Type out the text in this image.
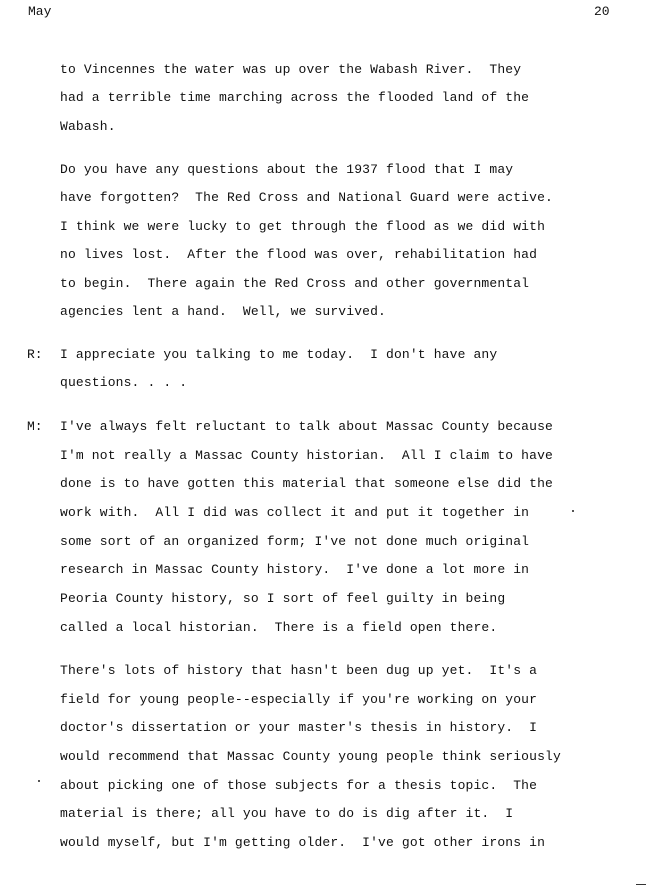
May	20
to Vincennes the water was up over the Wabash River.  They
had a terrible time marching across the flooded land of the
Wabash.
Do you have any questions about the 1937 flood that I may
have forgotten?  The Red Cross and National Guard were active.
I think we were lucky to get through the flood as we did with
no lives lost.  After the flood was over, rehabilitation had
to begin.  There again the Red Cross and other governmental
agencies lent a hand.  Well, we survived.
R: I appreciate you talking to me today.  I don't have any
questions. . . .
M: I've always felt reluctant to talk about Massac County because
I'm not really a Massac County historian.  All I claim to have
done is to have gotten this material that someone else did the
work with.  All I did was collect it and put it together in
some sort of an organized form; I've not done much original
research in Massac County history.  I've done a lot more in
Peoria County history, so I sort of feel guilty in being
called a local historian.  There is a field open there.
There's lots of history that hasn't been dug up yet.  It's a
field for young people--especially if you're working on your
doctor's dissertation or your master's thesis in history.  I
would recommend that Massac County young people think seriously
about picking one of those subjects for a thesis topic.  The
material is there; all you have to do is dig after it.  I
would myself, but I'm getting older.  I've got other irons in
